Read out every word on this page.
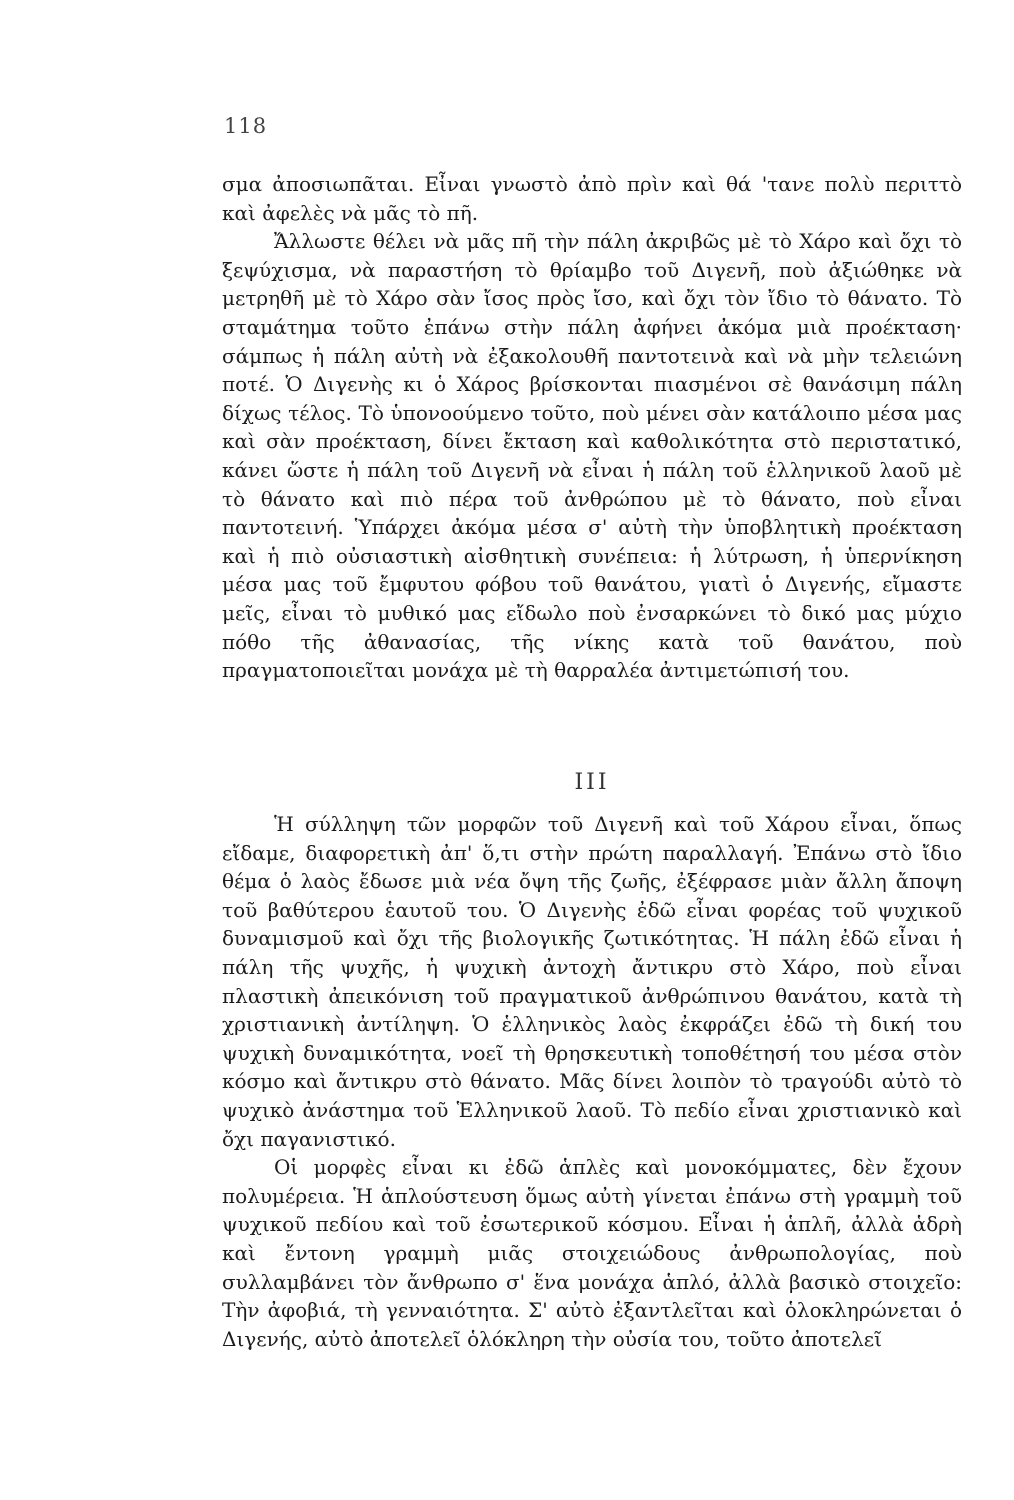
118

σμα ἀποσιωπᾶται. Εἶναι γνωστὸ ἀπὸ πρὶν καὶ θά 'τανε πολὺ περιττὸ καὶ ἀφελὲς νὰ μᾶς τὸ πῆ.

Ἄλλωστε θέλει νὰ μᾶς πῆ τὴν πάλη ἀκριβῶς μὲ τὸ Χάρο καὶ ὄχι τὸ ξεψύχισμα, νὰ παραστήση τὸ θρίαμβο τοῦ Διγενῆ, ποὺ ἀξιώθηκε νὰ μετρηθῆ μὲ τὸ Χάρο σὰν ἴσος πρὸς ἴσο, καὶ ὄχι τὸν ἴδιο τὸ θάνατο. Τὸ σταμάτημα τοῦτο ἐπάνω στὴν πάλη ἀφήνει ἀκόμα μιὰ προέκταση· σάμπως ἡ πάλη αὐτὴ νὰ ἐξακολουθῆ παντοτεινὰ καὶ νὰ μὴν τελειώνη ποτέ. Ὁ Διγενὴς κι ὁ Χάρος βρίσκονται πιασμένοι σὲ θανάσιμη πάλη δίχως τέλος. Τὸ ὑπονοούμενο τοῦτο, ποὺ μένει σὰν κατάλοιπο μέσα μας καὶ σὰν προέκταση, δίνει ἔκταση καὶ καθολικότητα στὸ περιστατικό, κάνει ὥστε ἡ πάλη τοῦ Διγενῆ νὰ εἶναι ἡ πάλη τοῦ ἑλληνικοῦ λαοῦ μὲ τὸ θάνατο καὶ πιὸ πέρα τοῦ ἀνθρώπου μὲ τὸ θάνατο, ποὺ εἶναι παντοτεινή. Ὑπάρχει ἀκόμα μέσα σ' αὐτὴ τὴν ὑποβλητικὴ προέκταση καὶ ἡ πιὸ οὐσιαστικὴ αἰσθητικὴ συνέπεια: ἡ λύτρωση, ἡ ὑπερνίκηση μέσα μας τοῦ ἔμφυτου φόβου τοῦ θανάτου, γιατὶ ὁ Διγενής, εἴμαστε μεῖς, εἶναι τὸ μυθικό μας εἴδωλο ποὺ ἐνσαρκώνει τὸ δικό μας μύχιο πόθο τῆς ἀθανασίας, τῆς νίκης κατὰ τοῦ θανάτου, ποὺ πραγματοποιεῖται μονάχα μὲ τὴ θαρραλέα ἀντιμετώπισή του.

III

Ἡ σύλληψη τῶν μορφῶν τοῦ Διγενῆ καὶ τοῦ Χάρου εἶναι, ὅπως εἴδαμε, διαφορετικὴ ἀπ' ὅ,τι στὴν πρώτη παραλλαγή. Ἐπάνω στὸ ἴδιο θέμα ὁ λαὸς ἔδωσε μιὰ νέα ὄψη τῆς ζωῆς, ἐξέφρασε μιὰν ἄλλη ἄποψη τοῦ βαθύτερου ἑαυτοῦ του. Ὁ Διγενὴς ἐδῶ εἶναι φορέας τοῦ ψυχικοῦ δυναμισμοῦ καὶ ὄχι τῆς βιολογικῆς ζωτικότητας. Ἡ πάλη ἐδῶ εἶναι ἡ πάλη τῆς ψυχῆς, ἡ ψυχικὴ ἀντοχὴ ἄντικρυ στὸ Χάρο, ποὺ εἶναι πλαστικὴ ἀπεικόνιση τοῦ πραγματικοῦ ἀνθρώπινου θανάτου, κατὰ τὴ χριστιανικὴ ἀντίληψη. Ὁ ἑλληνικὸς λαὸς ἐκφράζει ἐδῶ τὴ δική του ψυχικὴ δυναμικότητα, νοεῖ τὴ θρησκευτικὴ τοποθέτησή του μέσα στὸν κόσμο καὶ ἄντικρυ στὸ θάνατο. Μᾶς δίνει λοιπὸν τὸ τραγούδι αὐτὸ τὸ ψυχικὸ ἀνάστημα τοῦ Ἑλληνικοῦ λαοῦ. Τὸ πεδίο εἶναι χριστιανικὸ καὶ ὄχι παγανιστικό.

Οἱ μορφὲς εἶναι κι ἐδῶ ἁπλὲς καὶ μονοκόμματες, δὲν ἔχουν πολυμέρεια. Ἡ ἁπλούστευση ὅμως αὐτὴ γίνεται ἐπάνω στὴ γραμμὴ τοῦ ψυχικοῦ πεδίου καὶ τοῦ ἐσωτερικοῦ κόσμου. Εἶναι ἡ ἁπλῆ, ἀλλὰ ἁδρὴ καὶ ἔντονη γραμμὴ μιᾶς στοιχειώδους ἀνθρωπολογίας, ποὺ συλλαμβάνει τὸν ἄνθρωπο σ' ἕνα μονάχα ἁπλό, ἀλλὰ βασικὸ στοιχεῖο: Τὴν ἀφοβιά, τὴ γενναιότητα. Σ' αὐτὸ ἐξαντλεῖται καὶ ὁλοκληρώνεται ὁ Διγενής, αὐτὸ ἀποτελεῖ ὁλόκληρη τὴν οὐσία του, τοῦτο ἀποτελεῖ
